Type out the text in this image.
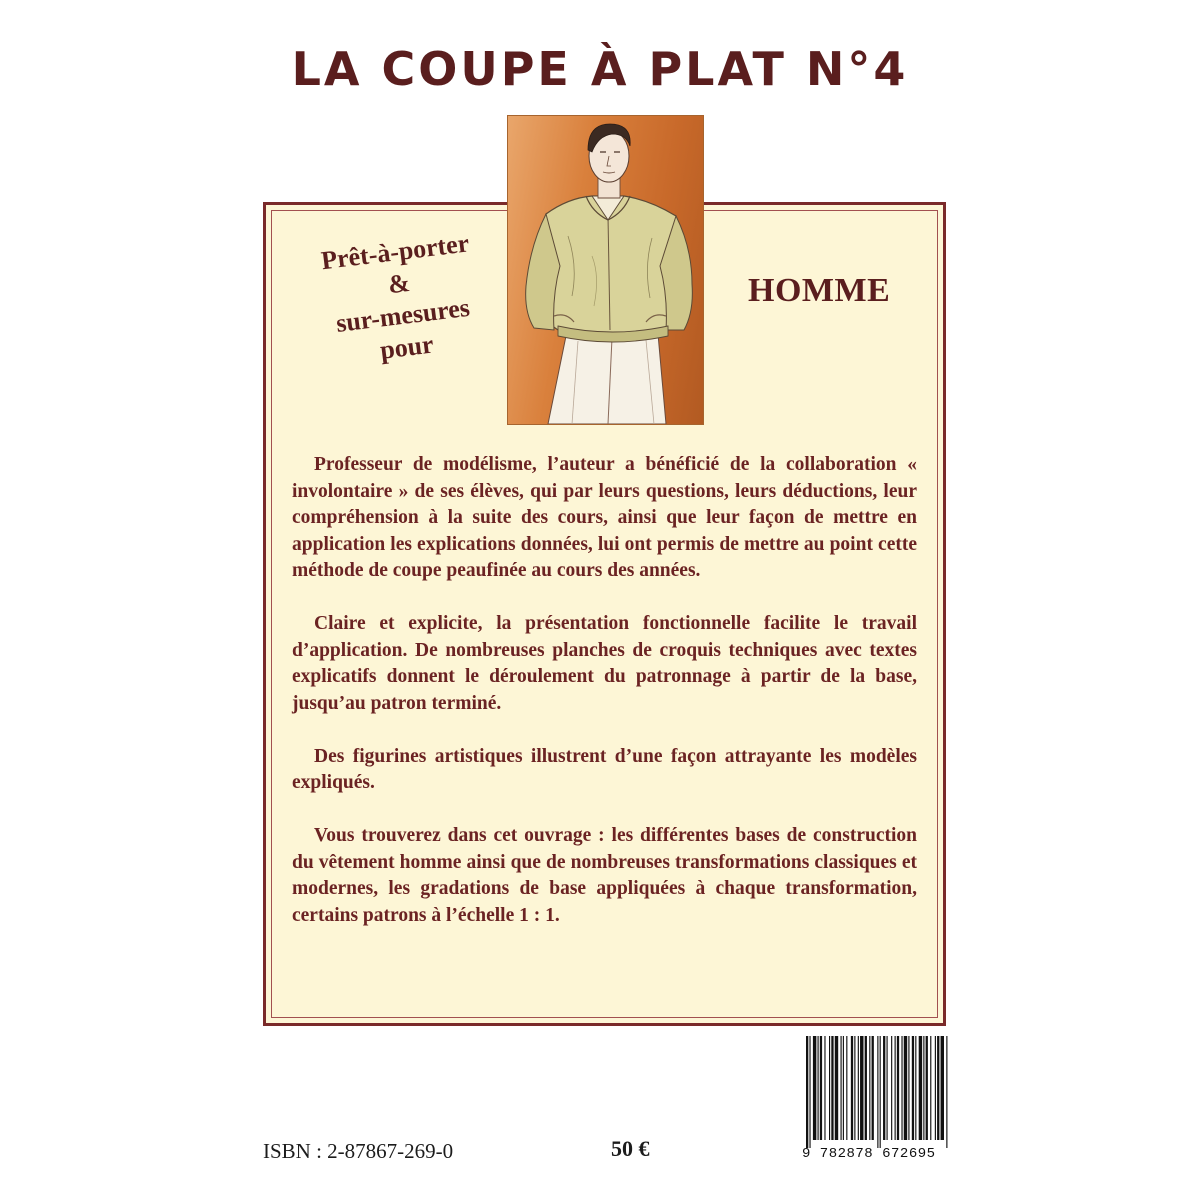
LA COUPE À PLAT N°4
Prêt-à-porter
&
sur-mesures
pour
HOMME

Professeur de modélisme, l’auteur a bénéficié de la collaboration « involontaire » de ses élèves, qui par leurs questions, leurs déductions, leur compréhension à la suite des cours, ainsi que leur façon de mettre en application les explications données, lui ont permis de mettre au point cette méthode de coupe peaufinée au cours des années.

Claire et explicite, la présentation fonctionnelle facilite le travail d’application. De nombreuses planches de croquis techniques avec textes explicatifs donnent le déroulement du patronnage à partir de la base, jusqu’au patron terminé.

Des figurines artistiques illustrent d’une façon attrayante les modèles expliqués.

Vous trouverez dans cet ouvrage : les différentes bases de construction du vêtement homme ainsi que de nombreuses transformations classiques et modernes, les gradations de base appliquées à chaque transformation, certains patrons à l’échelle 1 : 1.

ISBN : 2-87867-269-0	50 €	9 782878 672695
